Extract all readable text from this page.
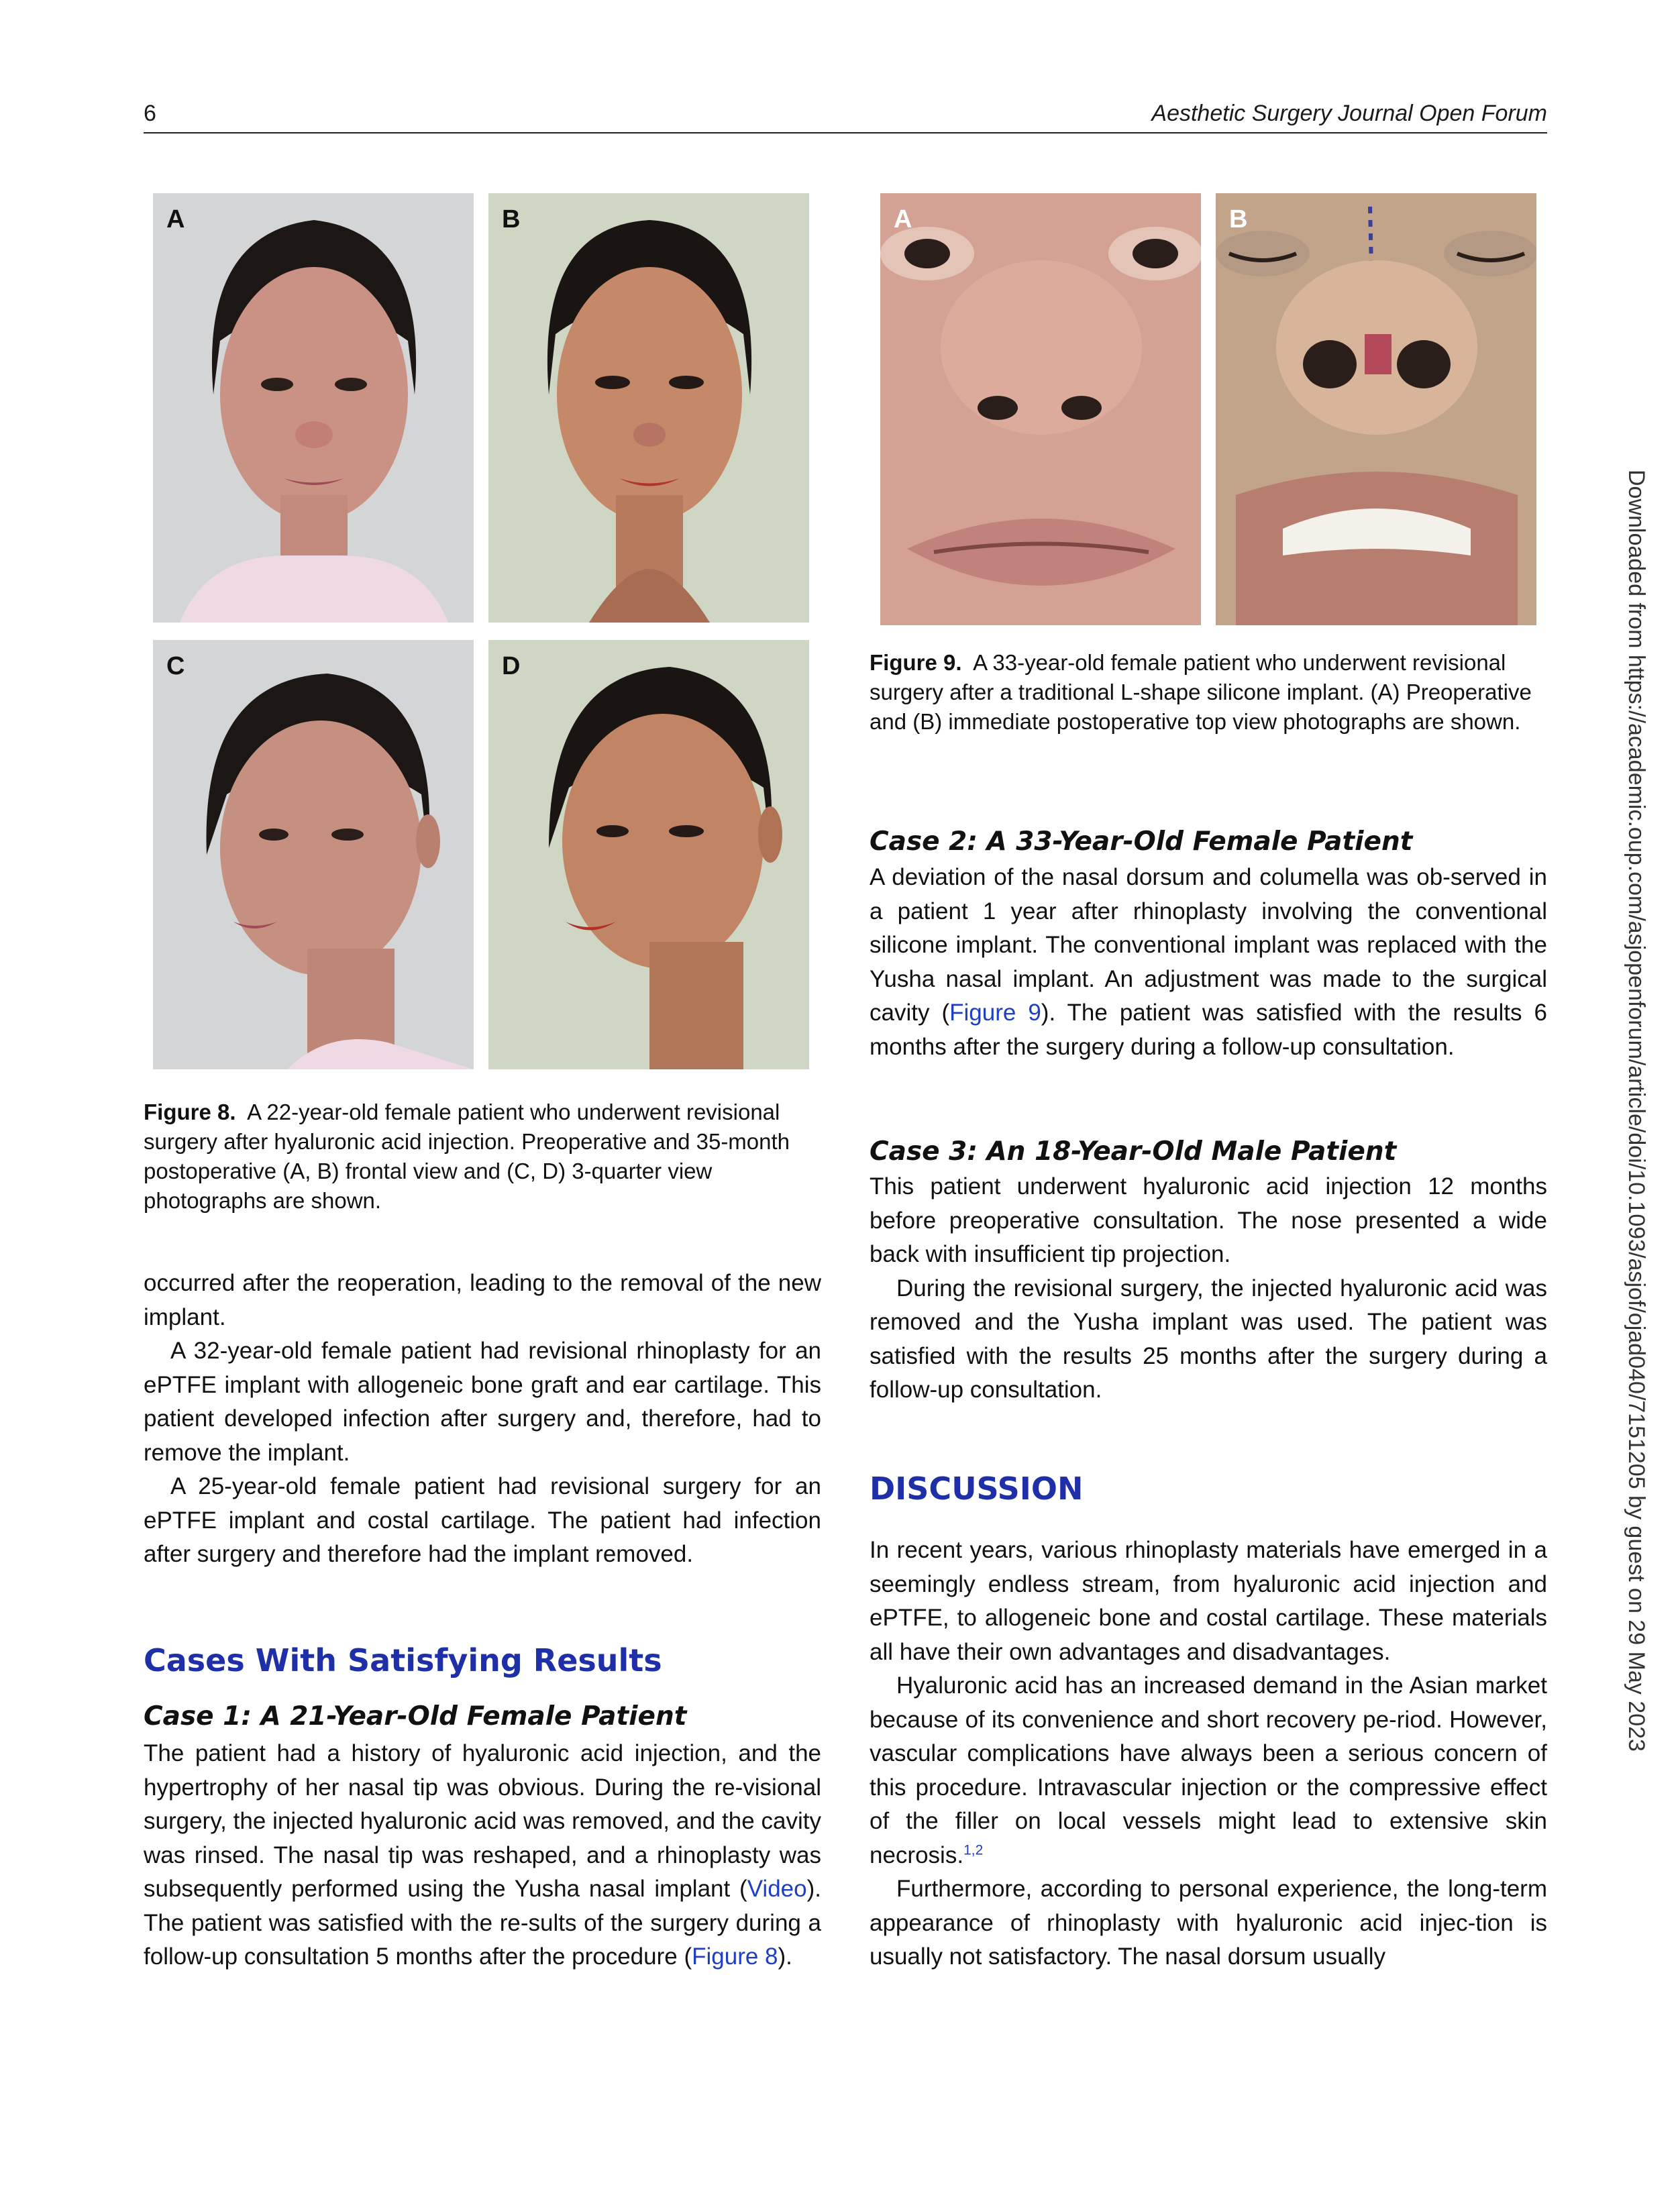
6	Aesthetic Surgery Journal Open Forum
Downloaded from https://academic.oup.com/asjopenforum/article/doi/10.1093/asjof/ojad040/7151205 by guest on 29 May 2023
A	B
C	D
Figure 8. A 22-year-old female patient who underwent revisional surgery after hyaluronic acid injection. Preoperative and 35-month postoperative (A, B) frontal view and (C, D) 3-quarter view photographs are shown.
A	B
Figure 9. A 33-year-old female patient who underwent revisional surgery after a traditional L-shape silicone implant. (A) Preoperative and (B) immediate postoperative top view photographs are shown.

occurred after the reoperation, leading to the removal of the new implant.

A 32-year-old female patient had revisional rhinoplasty for an ePTFE implant with allogeneic bone graft and ear cartilage. This patient developed infection after surgery and, therefore, had to remove the implant.

A 25-year-old female patient had revisional surgery for an ePTFE implant and costal cartilage. The patient had infection after surgery and therefore had the implant removed.

Cases With Satisfying Results
Case 1: A 21-Year-Old Female Patient

The patient had a history of hyaluronic acid injection, and the hypertrophy of her nasal tip was obvious. During the re-visional surgery, the injected hyaluronic acid was removed, and the cavity was rinsed. The nasal tip was reshaped, and a rhinoplasty was subsequently performed using the Yusha nasal implant (Video). The patient was satisfied with the re-sults of the surgery during a follow-up consultation 5 months after the procedure (Figure 8).

Case 2: A 33-Year-Old Female Patient

A deviation of the nasal dorsum and columella was ob-served in a patient 1 year after rhinoplasty involving the conventional silicone implant. The conventional implant was replaced with the Yusha nasal implant. An adjustment was made to the surgical cavity (Figure 9). The patient was satisfied with the results 6 months after the surgery during a follow-up consultation.

Case 3: An 18-Year-Old Male Patient

This patient underwent hyaluronic acid injection 12 months before preoperative consultation. The nose presented a wide back with insufficient tip projection.

During the revisional surgery, the injected hyaluronic acid was removed and the Yusha implant was used. The patient was satisfied with the results 25 months after the surgery during a follow-up consultation.

DISCUSSION

In recent years, various rhinoplasty materials have emerged in a seemingly endless stream, from hyaluronic acid injection and ePTFE, to allogeneic bone and costal cartilage. These materials all have their own advantages and disadvantages.

Hyaluronic acid has an increased demand in the Asian market because of its convenience and short recovery pe-riod. However, vascular complications have always been a serious concern of this procedure. Intravascular injection or the compressive effect of the filler on local vessels might lead to extensive skin necrosis.$^{1,2}$

Furthermore, according to personal experience, the long-term appearance of rhinoplasty with hyaluronic acid injec-tion is usually not satisfactory. The nasal dorsum usually
